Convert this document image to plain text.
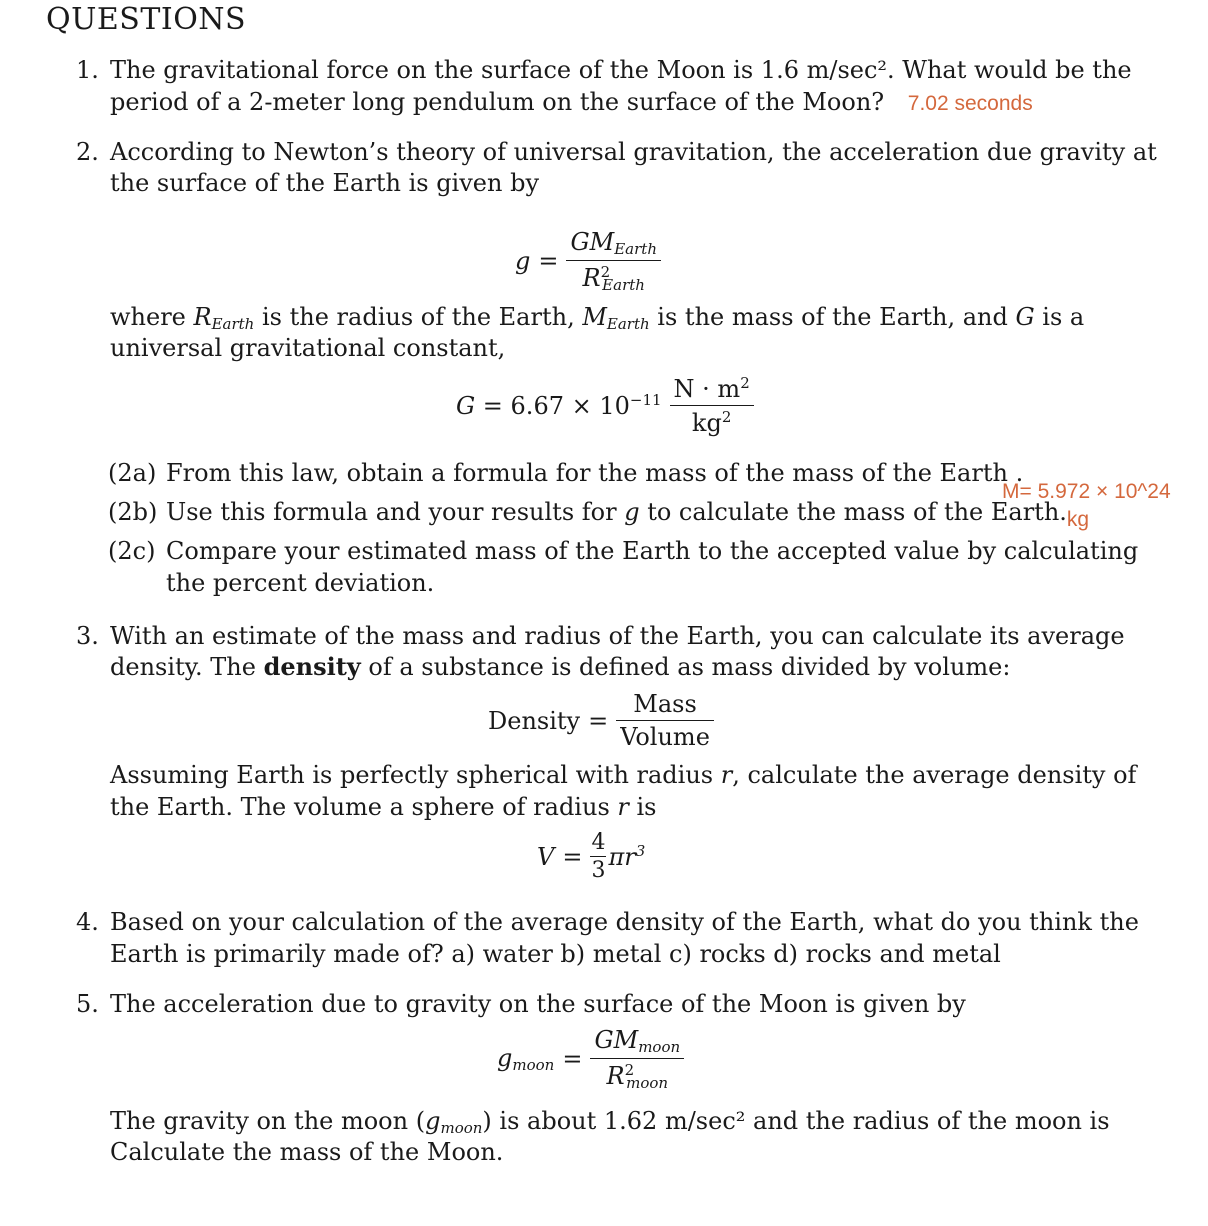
QUESTIONS
1. The gravitational force on the surface of the Moon is 1.6 m/sec². What would be the
period of a 2-meter long pendulum on the surface of the Moon? 7.02 seconds
2. According to Newton’s theory of universal gravitation, the acceleration due gravity at
the surface of the Earth is given by
$g = \frac{GM_{Earth}}{R^2_{Earth}}$
where $R_{Earth}$ is the radius of the Earth, $M_{Earth}$ is the mass of the Earth, and G is a
universal gravitational constant,
$G = 6.67 \times 10^{-11} \frac{N \cdot m^2}{kg^2}$
(2a) From this law, obtain a formula for the mass of the mass of the Earth .
M= 5.972 × 10^24
(2b) Use this formula and your results for g to calculate the mass of the Earth.kg
(2c) Compare your estimated mass of the Earth to the accepted value by calculating
the percent deviation.
3. With an estimate of the mass and radius of the Earth, you can calculate its average
density. The density of a substance is defined as mass divided by volume:
Density = $\frac{\text{Mass}}{\text{Volume}}$
Assuming Earth is perfectly spherical with radius r, calculate the average density of
the Earth. The volume a sphere of radius r is
$V = \frac{4}{3} \pi r^3$
4. Based on your calculation of the average density of the Earth, what do you think the
Earth is primarily made of? a) water b) metal c) rocks d) rocks and metal
5. The acceleration due to gravity on the surface of the Moon is given by
$g_{moon} = \frac{GM_{moon}}{R^2_{moon}}$
The gravity on the moon $(g_{moon})$ is about 1.62 m/sec² and the radius of the moon is
Calculate the mass of the Moon.
